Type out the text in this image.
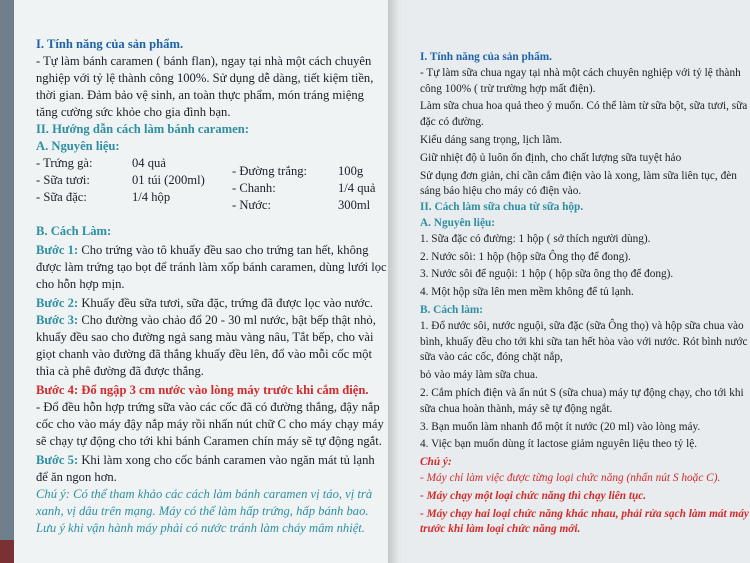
I. Tính năng của sản phẩm.

- Tự làm bánh caramen ( bánh flan), ngay tại nhà một cách chuyên nghiệp với tỷ lệ thành công 100%. Sử dụng dễ dàng, tiết kiệm tiền, thời gian. Đảm bảo vệ sinh, an toàn thực phẩm, món tráng miệng tăng cường sức khỏe cho gia đình bạn.

II. Hướng dẫn cách làm bánh caramen:

A. Nguyên liệu:

- Trứng gà:	04 quả
- Sữa tươi:	01 túi (200ml)
- Sữa đặc:	1/4 hộp
- Đường trắng: 100g
- Chanh:	1/4 quả
- Nước:	300ml

B. Cách Làm:

Bước 1: Cho trứng vào tô khuấy đều sao cho trứng tan hết, không được làm trứng tạo bọt để tránh làm xốp bánh caramen, dùng lưới lọc cho hỗn hợp mịn.

Bước 2: Khuấy đều sữa tươi, sữa đặc, trứng đã được lọc vào nước.

Bước 3: Cho đường vào chảo đổ 20 - 30 ml nước, bật bếp thật nhỏ, khuấy đều sao cho đường ngả sang màu vàng nâu, Tắt bếp, cho vài giọt chanh vào đường đã thắng khuấy đều lên, đổ vào mỗi cốc một thìa cà phê đường đã được thắng.

Bước 4: Đổ ngập 3 cm nước vào lòng máy trước khi cắm điện.

- Đổ đều hỗn hợp trứng sữa vào các cốc đã có đường thắng, đậy nắp cốc cho vào máy đậy nắp máy rồi nhấn nút chữ C cho máy chạy máy sẽ chạy tự động cho tới khi bánh Caramen chín máy sẽ tự động ngắt.

Bước 5: Khi làm xong cho cốc bánh caramen vào ngăn mát tủ lạnh để ăn ngon hơn.

Chú ý: Có thể tham khảo các cách làm bánh caramen vị táo, vị trà xanh, vị dâu trên mạng. Máy có thể làm hấp trứng, hấp bánh bao. Lưu ý khi vận hành máy phải có nước tránh làm cháy mâm nhiệt.

I. Tính năng của sản phẩm.

- Tự làm sữa chua ngay tại nhà một cách chuyên nghiệp với tỷ lệ thành công 100% ( trừ trường hợp mất điện).

Làm sữa chua hoa quả theo ý muốn. Có thể làm từ sữa bột, sữa tươi, sữa đặc có đường.

Kiểu dáng sang trọng, lịch lãm.

Giữ nhiệt độ ủ luôn ổn định, cho chất lượng sữa tuyệt hảo

Sử dụng đơn giản, chỉ cần cắm điện vào là xong, làm sữa liên tục, đèn sáng báo hiệu cho máy có điện vào.

II. Cách làm sữa chua từ sữa hộp.

A. Nguyên liệu:

1. Sữa đặc có đường: 1 hộp ( sở thích người dùng).

2. Nước sôi: 1 hộp (hộp sữa Ông thọ để đong).

3. Nước sôi để nguội: 1 hộp ( hộp sữa ông thọ để đong).

4. Một hộp sữa lên men mềm không để tủ lạnh.

B. Cách làm:

1. Đổ nước sôi, nước nguội, sữa đặc (sữa Ông thọ) và hộp sữa chua vào bình, khuấy đều cho tới khi sữa tan hết hòa vào với nước. Rót bình nước sữa vào các cốc, đóng chặt nắp,

bỏ vào máy làm sữa chua.

2. Cắm phích điện và ấn nút S (sữa chua) máy tự động chạy, cho tới khi sữa chua hoàn thành, máy sẽ tự động ngắt.

3. Bạn muốn làm nhanh đổ một ít nước (20 ml) vào lòng máy.

4. Việc bạn muốn dùng ít lactose giảm nguyên liệu theo tỷ lệ.

Chú ý:

- Máy chỉ làm việc được từng loại chức năng (nhấn nút S hoặc C).

- Máy chạy một loại chức năng thì chạy liên tục.

- Máy chạy hai loại chức năng khác nhau, phải rửa sạch làm mát máy trước khi làm loại chức năng mới.
